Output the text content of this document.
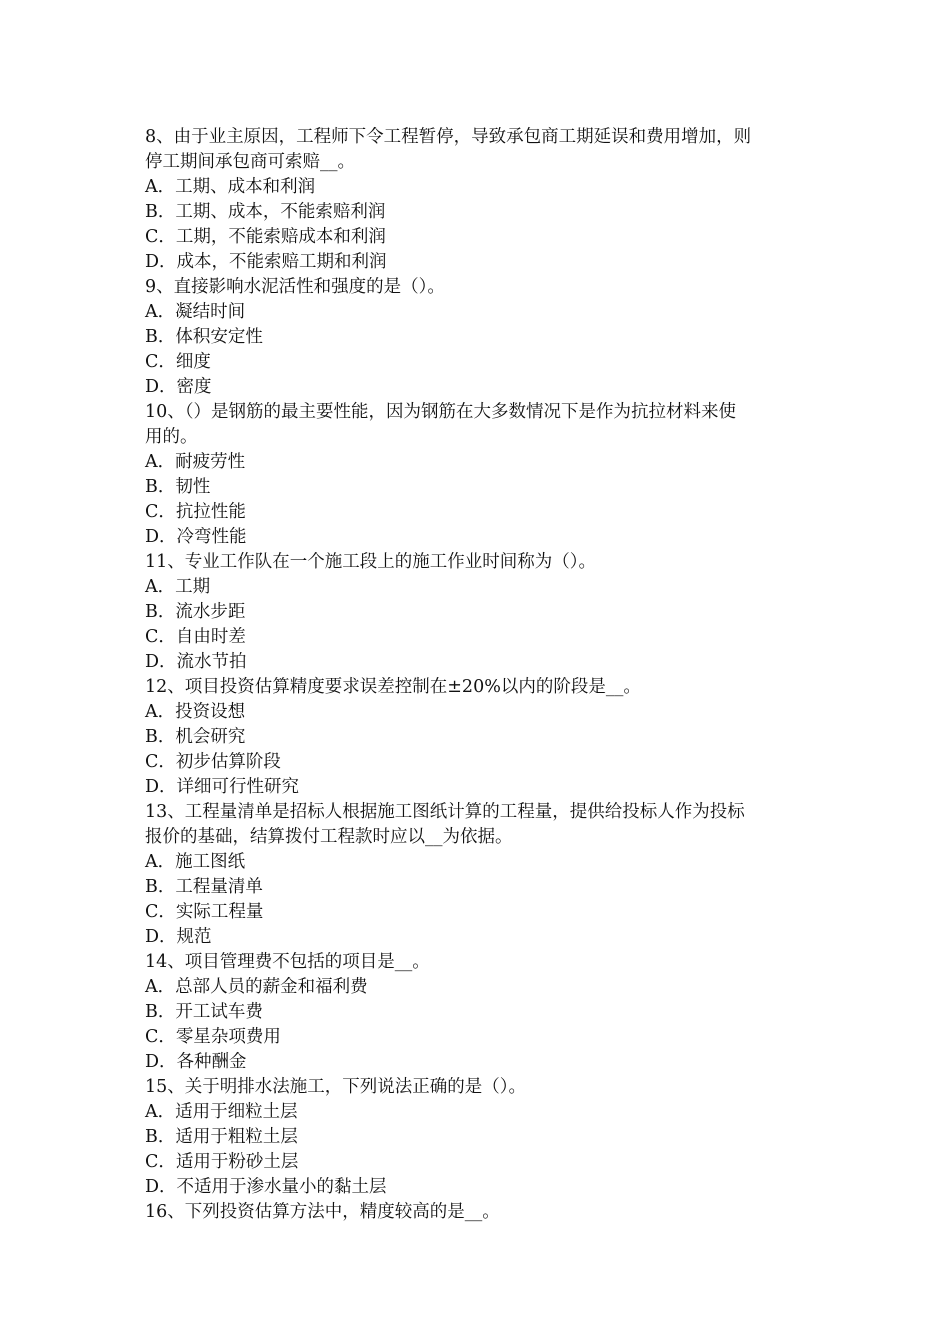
8、由于业主原因，工程师下令工程暂停，导致承包商工期延误和费用增加，则
停工期间承包商可索赔__。
A．工期、成本和利润
B．工期、成本，不能索赔利润
C．工期，不能索赔成本和利润
D．成本，不能索赔工期和利润
9、直接影响水泥活性和强度的是（）。
A．凝结时间
B．体积安定性
C．细度
D．密度
10、（）是钢筋的最主要性能，因为钢筋在大多数情况下是作为抗拉材料来使
用的。
A．耐疲劳性
B．韧性
C．抗拉性能
D．冷弯性能
11、专业工作队在一个施工段上的施工作业时间称为（）。
A．工期
B．流水步距
C．自由时差
D．流水节拍
12、项目投资估算精度要求误差控制在±20%以内的阶段是__。
A．投资设想
B．机会研究
C．初步估算阶段
D．详细可行性研究
13、工程量清单是招标人根据施工图纸计算的工程量，提供给投标人作为投标
报价的基础，结算拨付工程款时应以__为依据。
A．施工图纸
B．工程量清单
C．实际工程量
D．规范
14、项目管理费不包括的项目是__。
A．总部人员的薪金和福利费
B．开工试车费
C．零星杂项费用
D．各种酬金
15、关于明排水法施工，下列说法正确的是（）。
A．适用于细粒土层
B．适用于粗粒土层
C．适用于粉砂土层
D．不适用于渗水量小的黏土层
16、下列投资估算方法中，精度较高的是__。
